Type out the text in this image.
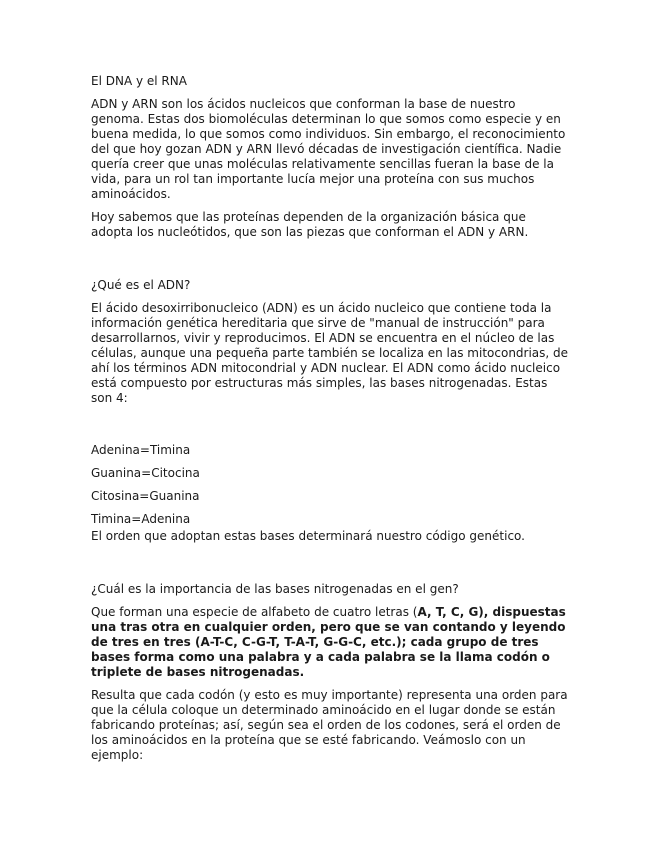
El DNA y el RNA

ADN y ARN son los ácidos nucleicos que conforman la base de nuestro genoma. Estas dos biomoléculas determinan lo que somos como especie y en buena medida, lo que somos como individuos. Sin embargo, el reconocimiento del que hoy gozan ADN y ARN llevó décadas de investigación científica. Nadie quería creer que unas moléculas relativamente sencillas fueran la base de la vida, para un rol tan importante lucía mejor una proteína con sus muchos aminoácidos.

Hoy sabemos que las proteínas dependen de la organización básica que adopta los nucleótidos, que son las piezas que conforman el ADN y ARN.

¿Qué es el ADN?

El ácido desoxirribonucleico (ADN) es un ácido nucleico que contiene toda la información genética hereditaria que sirve de "manual de instrucción" para desarrollarnos, vivir y reproducimos. El ADN se encuentra en el núcleo de las células, aunque una pequeña parte también se localiza en las mitocondrias, de ahí los términos ADN mitocondrial y ADN nuclear. El ADN como ácido nucleico está compuesto por estructuras más simples, las bases nitrogenadas. Estas son 4:

Adenina=Timina

Guanina=Citocina

Citosina=Guanina

Timina=Adenina

El orden que adoptan estas bases determinará nuestro código genético.

¿Cuál es la importancia de las bases nitrogenadas en el gen?

Que forman una especie de alfabeto de cuatro letras (A, T, C, G), dispuestas una tras otra en cualquier orden, pero que se van contando y leyendo de tres en tres (A-T-C, C-G-T, T-A-T, G-G-C, etc.); cada grupo de tres bases forma como una palabra y a cada palabra se la llama codón o triplete de bases nitrogenadas.

Resulta que cada codón (y esto es muy importante) representa una orden para que la célula coloque un determinado aminoácido en el lugar donde se están fabricando proteínas; así, según sea el orden de los codones, será el orden de los aminoácidos en la proteína que se esté fabricando. Veámoslo con un ejemplo:
